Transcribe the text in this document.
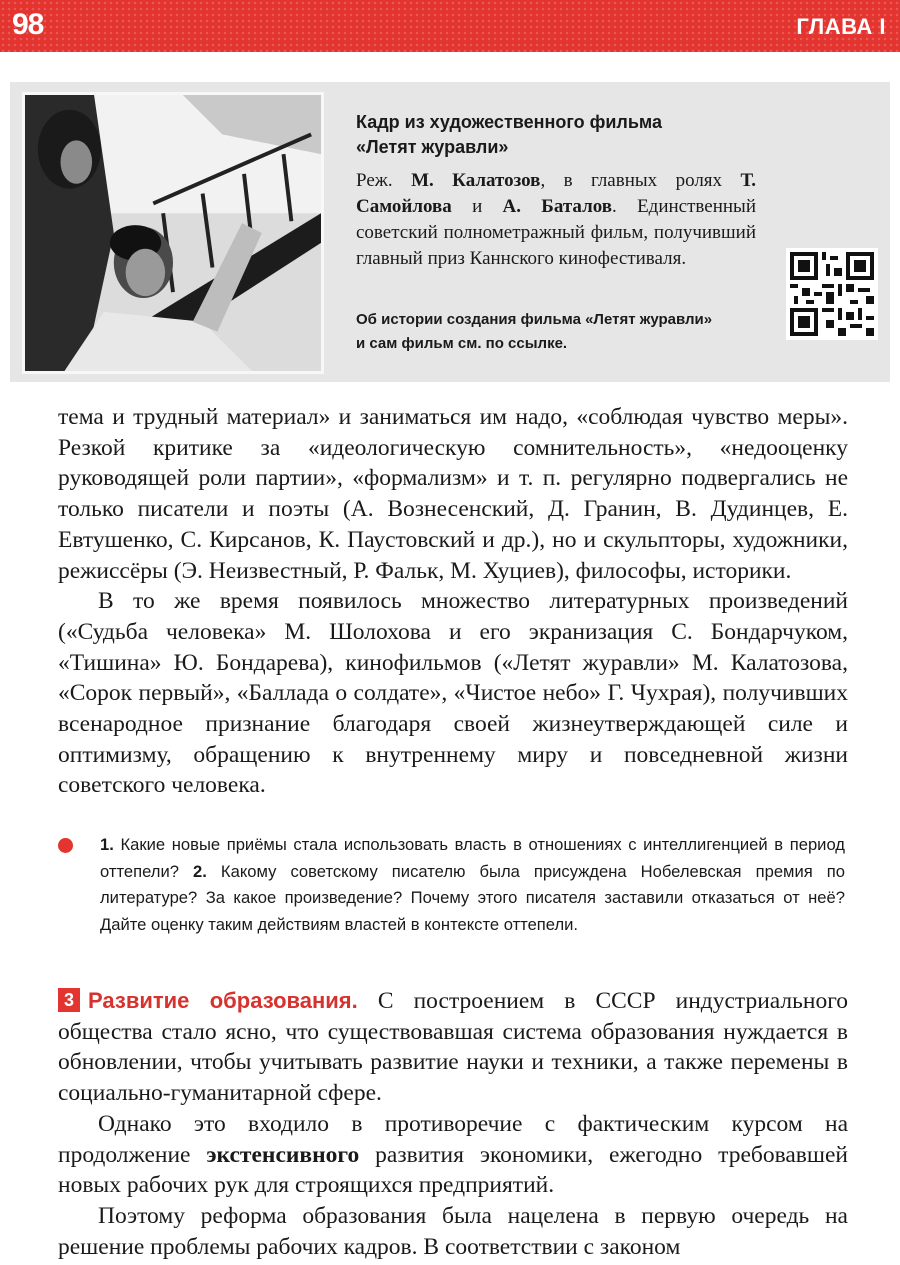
98	ГЛАВА I
Кадр из художественного фильма
«Летят журавли»
Реж. М. Калатозов, в главных ролях Т. Самойлова и А. Баталов. Единственный советский полнометражный фильм, получивший главный приз Каннского кинофестиваля.
Об истории создания фильма «Летят журавли»
и сам фильм см. по ссылке.

тема и трудный материал» и заниматься им надо, «соблюдая чувство меры». Резкой критике за «идеологическую сомнительность», «недооценку руководящей роли партии», «формализм» и т. п. регулярно подвергались не только писатели и поэты (А. Вознесенский, Д. Гранин, В. Дудинцев, Е. Евтушенко, С. Кирсанов, К. Паустовский и др.), но и скульпторы, художники, режиссёры (Э. Неизвестный, Р. Фальк, М. Хуциев), философы, историки.

В то же время появилось множество литературных произведений («Судьба человека» М. Шолохова и его экранизация С. Бондарчуком, «Тишина» Ю. Бондарева), кинофильмов («Летят журавли» М. Калатозова, «Сорок первый», «Баллада о солдате», «Чистое небо» Г. Чухрая), получивших всенародное признание благодаря своей жизнеутверждающей силе и оптимизму, обращению к внутреннему миру и повседневной жизни советского человека.

1. Какие новые приёмы стала использовать власть в отношениях с интеллигенцией в период оттепели? 2. Какому советскому писателю была присуждена Нобелевская премия по литературе? За какое произведение? Почему этого писателя заставили отказаться от неё? Дайте оценку таким действиям властей в контексте оттепели.

3 Развитие образования. С построением в СССР индустриального общества стало ясно, что существовавшая система образования нуждается в обновлении, чтобы учитывать развитие науки и техники, а также перемены в социально-гуманитарной сфере.

Однако это входило в противоречие с фактическим курсом на продолжение экстенсивного развития экономики, ежегодно требовавшей новых рабочих рук для строящихся предприятий.

Поэтому реформа образования была нацелена в первую очередь на решение проблемы рабочих кадров. В соответствии с законом
